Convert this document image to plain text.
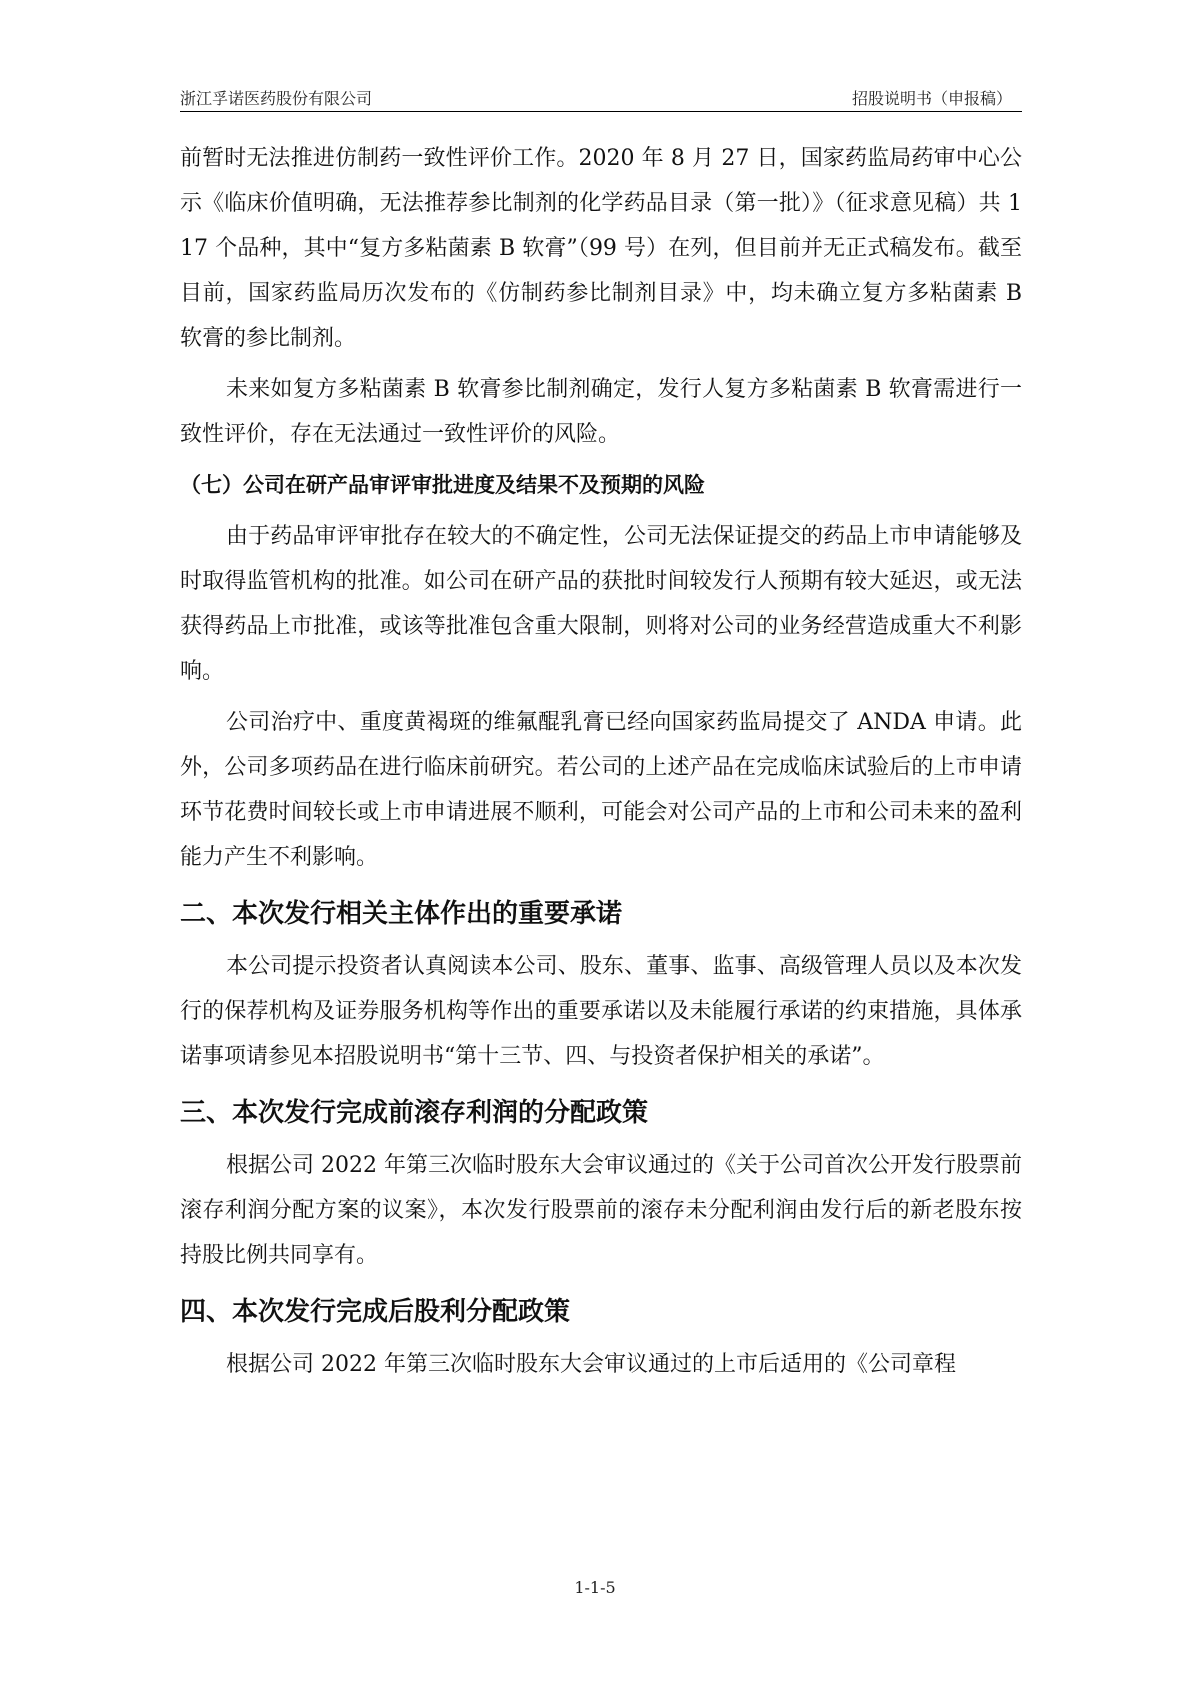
浙江孚诺医药股份有限公司	招股说明书（申报稿）

前暂时无法推进仿制药一致性评价工作。2020 年 8 月 27 日，国家药监局药审中心公示《临床价值明确，无法推荐参比制剂的化学药品目录（第一批）》（征求意见稿）共 117 个品种，其中“复方多粘菌素 B 软膏”（99 号）在列，但目前并无正式稿发布。截至目前，国家药监局历次发布的《仿制药参比制剂目录》中，均未确立复方多粘菌素 B 软膏的参比制剂。

未来如复方多粘菌素 B 软膏参比制剂确定，发行人复方多粘菌素 B 软膏需进行一致性评价，存在无法通过一致性评价的风险。

（七）公司在研产品审评审批进度及结果不及预期的风险

由于药品审评审批存在较大的不确定性，公司无法保证提交的药品上市申请能够及时取得监管机构的批准。如公司在研产品的获批时间较发行人预期有较大延迟，或无法获得药品上市批准，或该等批准包含重大限制，则将对公司的业务经营造成重大不利影响。

公司治疗中、重度黄褐斑的维氟醌乳膏已经向国家药监局提交了 ANDA 申请。此外，公司多项药品在进行临床前研究。若公司的上述产品在完成临床试验后的上市申请环节花费时间较长或上市申请进展不顺利，可能会对公司产品的上市和公司未来的盈利能力产生不利影响。

二、本次发行相关主体作出的重要承诺

本公司提示投资者认真阅读本公司、股东、董事、监事、高级管理人员以及本次发行的保荐机构及证券服务机构等作出的重要承诺以及未能履行承诺的约束措施，具体承诺事项请参见本招股说明书“第十三节、四、与投资者保护相关的承诺”。

三、本次发行完成前滚存利润的分配政策

根据公司 2022 年第三次临时股东大会审议通过的《关于公司首次公开发行股票前滚存利润分配方案的议案》，本次发行股票前的滚存未分配利润由发行后的新老股东按持股比例共同享有。

四、本次发行完成后股利分配政策

根据公司 2022 年第三次临时股东大会审议通过的上市后适用的《公司章程

1-1-5
